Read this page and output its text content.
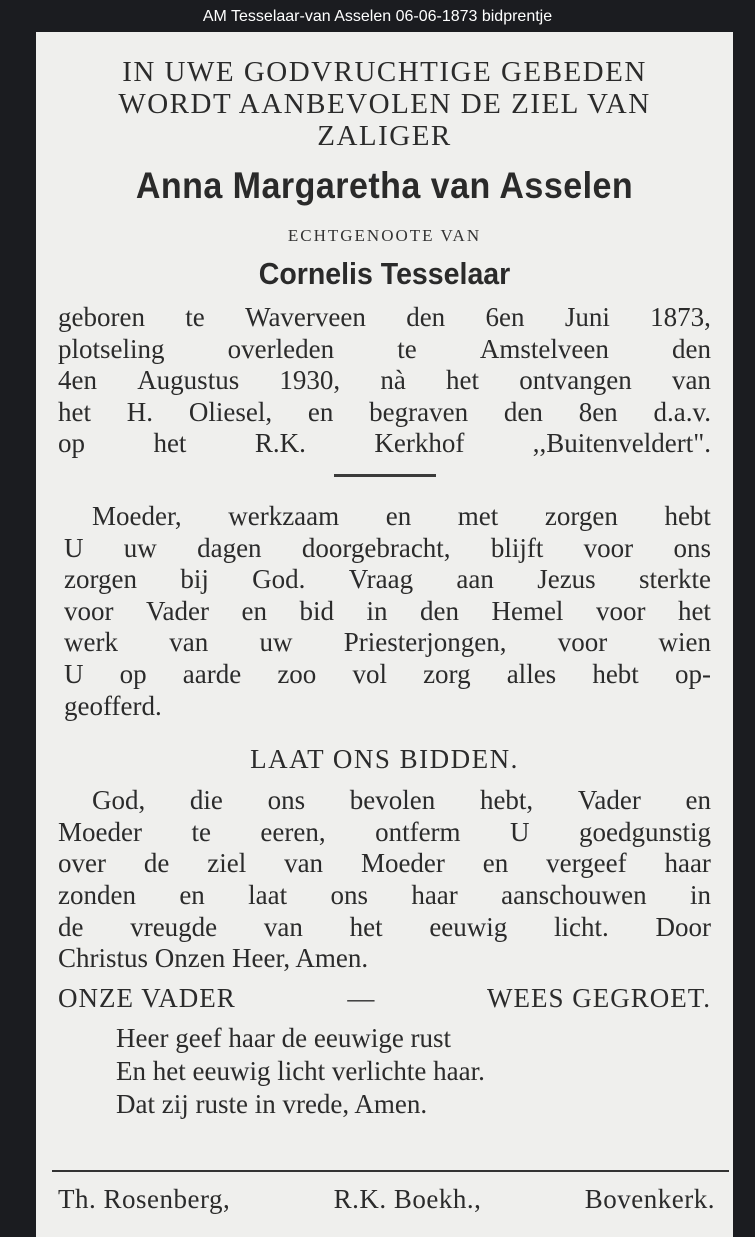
AM Tesselaar-van Asselen 06-06-1873 bidprentje
IN UWE GODVRUCHTIGE GEBEDEN
WORDT AANBEVOLEN DE ZIEL VAN
ZALIGER
Anna Margaretha van Asselen
ECHTGENOOTE VAN
Cornelis Tesselaar
geboren te Waverveen den 6en Juni 1873,
plotseling overleden te Amstelveen den
4en Augustus 1930, nà het ontvangen van
het H. Oliesel, en begraven den 8en d.a.v.
op het R.K. Kerkhof ,,Buitenveldert".
Moeder, werkzaam en met zorgen hebt
U uw dagen doorgebracht, blijft voor ons
zorgen bij God. Vraag aan Jezus sterkte
voor Vader en bid in den Hemel voor het
werk van uw Priesterjongen, voor wien
U op aarde zoo vol zorg alles hebt op-
geofferd.
LAAT ONS BIDDEN.
God, die ons bevolen hebt, Vader en
Moeder te eeren, ontferm U goedgunstig
over de ziel van Moeder en vergeef haar
zonden en laat ons haar aanschouwen in
de vreugde van het eeuwig licht. Door
Christus Onzen Heer, Amen.
ONZE VADER	—	WEES GEGROET.
Heer geef haar de eeuwige rust
En het eeuwig licht verlichte haar.
Dat zij ruste in vrede, Amen.
Th. Rosenberg,	R.K. Boekh.,	Bovenkerk.
